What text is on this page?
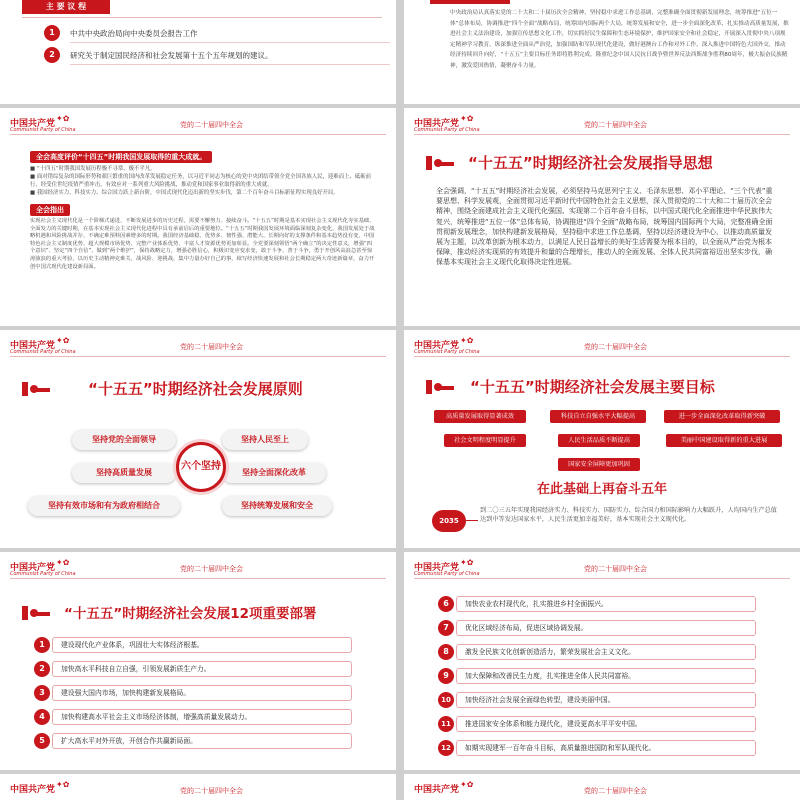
主 要 议 程
1	中共中央政治局向中央委员会报告工作
2	研究关于制定国民经济和社会发展第十五个五年规划的建议。
中央政治局认真落实党的二十大和二十届历次全会精神，坚持稳中求进工作总基调，完整准确全面贯彻新发展理念，统筹推进“五位一体”总体布局，协调推进“四个全面”战略布局，统筹国内国际两个大局，统筹发展和安全，进一步全面深化改革，扎实推动高质量发展，推进社会主义法治建设，加强宣传思想文化工作，切实抓好民生保障和生态环境保护，维护国家安全和社会稳定，开展深入贯彻中央八项规定精神学习教育，纵深推进全面从严治党，加强国防和军队现代化建设，做好港澳台工作和对外工作，深入推进中国特色大国外交，推动经济持续回升向好，“十五五”主要目标任务即将胜利完成。隆重纪念中国人民抗日战争暨世界反法西斯战争胜利80周年，极大振奋民族精神，激发爱国热情，凝聚奋斗力量。
中国共产党
Communist Party of China
✦✿
党的二十届四中全会
全会高度评价“十四五”时期我国发展取得的重大成就。
■ “十四五”时期我国发展历程极不寻常、极不平凡。
■ 面对错综复杂的国际形势和艰巨繁重的国内改革发展稳定任务，以习近平同志为核心的党中央团结带领全党全国各族人民，迎难而上、砥砺前行，经受住世纪疫情严重冲击，有效应对一系列重大风险挑战，推动党和国家事业取得新的重大成就。
■ 我国经济实力、科技实力、综合国力跃上新台阶，中国式现代化迈出新的坚实步伐，第二个百年奋斗目标新征程实现良好开局。
全会指出
实现社会主义现代化是一个阶梯式递进、不断发展进步的历史过程，需要不懈努力、接续奋斗。“十五五”时期是基本实现社会主义现代化夯实基础、全面发力的关键时期，在基本实现社会主义现代化进程中具有承前启后的重要地位。“十五五”时期我国发展环境面临深刻复杂变化，我国发展处于战略机遇和风险挑战并存、不确定难预料因素增多的时期。我国经济基础稳、优势多、韧性强、潜能大，长期向好的支撑条件和基本趋势没有变，中国特色社会主义制度优势、超大规模市场优势、完整产业体系优势、丰富人才资源优势更加彰显。全党要深刻领悟“两个确立”的决定性意义，增强“四个意识”、坚定“四个自信”、做到“两个维护”，保持战略定力，增强必胜信心，积极识变应变求变，敢于斗争、善于斗争，勇于开创风高浪急甚至惊涛骇浪的重大考验，以历史主动精神克难关、战风险、迎挑战，集中力量办好自己的事，续写经济快速发展和社会长期稳定两大奇迹新篇章，奋力开创中国式现代化建设新局面。
中国共产党
Communist Party of China
✦✿
党的二十届四中全会
“十五五”时期经济社会发展指导思想
全会强调，“十五五”时期经济社会发展，必须坚持马克思列宁主义、毛泽东思想、邓小平理论、“三个代表”重要思想、科学发展观，全面贯彻习近平新时代中国特色社会主义思想，深入贯彻党的二十大和二十届历次全会精神，围绕全面建成社会主义现代化强国、实现第二个百年奋斗目标，以中国式现代化全面推进中华民族伟大复兴，统筹推进“五位一体”总体布局，协调推进“四个全面”战略布局，统筹国内国际两个大局，完整准确全面贯彻新发展理念，加快构建新发展格局，坚持稳中求进工作总基调，坚持以经济建设为中心，以推动高质量发展为主题，以改革创新为根本动力，以满足人民日益增长的美好生活需要为根本目的，以全面从严治党为根本保障，推动经济实现质的有效提升和量的合理增长，推动人的全面发展、全体人民共同富裕迈出坚实步伐，确保基本实现社会主义现代化取得决定性进展。
中国共产党
Communist Party of China
✦✿
党的二十届四中全会
“十五五”时期经济社会发展原则
坚持党的全面领导	坚持人民至上
坚持高质量发展	坚持全面深化改革
坚持有效市场和有为政府相结合	坚持统筹发展和安全
六个坚持
中国共产党
Communist Party of China
✦✿
党的二十届四中全会
“十五五”时期经济社会发展主要目标
高质量发展取得显著成效	科技自立自强水平大幅提高	进一步全面深化改革取得新突破
社会文明程度明显提升	人民生活品质不断提高	美丽中国建设取得新的重大进展
国家安全屏障更加巩固
在此基础上再奋斗五年
2035
到二〇三五年实现我国经济实力、科技实力、国防实力、综合国力和国际影响力大幅跃升，人均国内生产总值达到中等发达国家水平，人民生活更加幸福美好，基本实现社会主义现代化。
中国共产党
Communist Party of China
✦✿
党的二十届四中全会
“十五五”时期经济社会发展12项重要部署
1	建设现代化产业体系，巩固壮大实体经济根基。
2	加快高水平科技自立自强，引领发展新质生产力。
3	建设强大国内市场，加快构建新发展格局。
4	加快构建高水平社会主义市场经济体制，增强高质量发展动力。
5	扩大高水平对外开放，开创合作共赢新局面。
中国共产党
Communist Party of China
✦✿
党的二十届四中全会
6	加快农业农村现代化，扎实推进乡村全面振兴。
7	优化区域经济布局，促进区域协调发展。
8	激发全民族文化创新创造活力，繁荣发展社会主义文化。
9	加大保障和改善民生力度，扎实推进全体人民共同富裕。
10	加快经济社会发展全面绿色转型，建设美丽中国。
11	推进国家安全体系和能力现代化，建设更高水平平安中国。
12	如期实现建军一百年奋斗目标，高质量推进国防和军队现代化。
中国共产党
✦✿
党的二十届四中全会	中国共产党
✦✿
党的二十届四中全会
